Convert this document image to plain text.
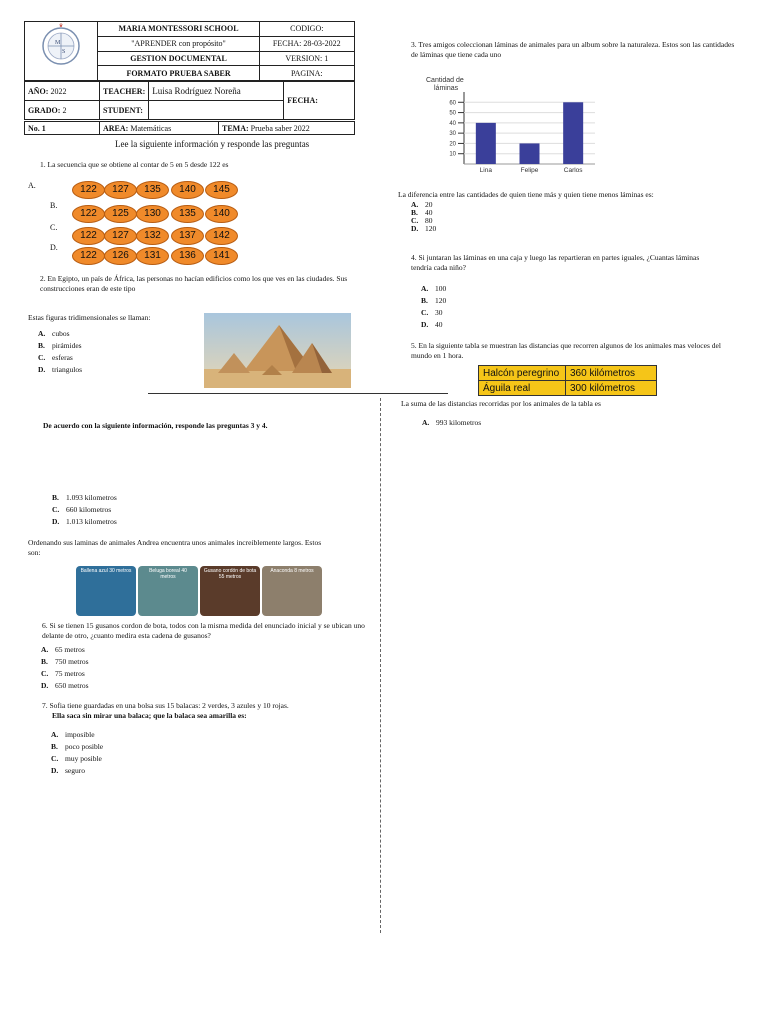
M
S
♛	MARIA MONTESSORI SCHOOL	CODIGO:
	"APRENDER con propósito"	FECHA: 28-03-2022
	GESTION DOCUMENTAL	VERSION: 1
	FORMATO PRUEBA SABER	PAGINA:
AÑO: 2022	TEACHER:	Luisa Rodríguez Noreña	FECHA:
GRADO: 2	STUDENT:		
No. 1	AREA: Matemáticas	TEMA: Prueba saber 2022
Lee la siguiente información y responde las preguntas
1. La secuencia que se obtiene al contar de 5 en 5 desde 122 es
A.	122	127	135	140	145
B.
122	125	130	135	140
C.
122	127	132	137	142
D.
122	126	131	136	141
2. En Egipto, un país de África, las personas no hacían edificios como los que ves en las ciudades. Sus construcciones eran de este tipo
Estas figuras tridimensionales se llaman:
A. cubos
B. pirámides
C. esferas
D. triangulos
De acuerdo con la siguiente información, responde las preguntas 3 y 4.
B. 1.093 kilometros
C. 660 kilometros
D. 1.013 kilometros
Ordenando sus laminas de animales Andrea encuentra unos animales increiblemente largos. Estos son:
Ballena azul 30 metros	Beluga boreal 40 metros
Gusano cordón de bota 55 metros
Anaconda 8 metros
6. Si se tienen 15 gusanos cordon de bota, todos con la misma medida del enunciado inicial y se ubican uno delante de otro, ¿cuanto medira esta cadena de gusanos?
A. 65 metros
B. 750 metros
C. 75 metros
D. 650 metros
7. Sofia tiene guardadas en una bolsa sus 15 balacas: 2 verdes, 3 azules y 10 rojas.
Ella saca sin mirar una balaca; que la balaca sea amarilla es:
A. imposible
B. poco posible
C. muy posible
D. seguro
3. Tres amigos coleccionan láminas de animales para un album sobre la naturaleza. Estos son las cantidades de láminas que tiene cada uno
Cantidad de
láminas
10
20
30
40
50
60
Lina	Felipe	Carlos
La diferencia entre las cantidades de quien tiene más y quien tiene menos láminas es:
A. 20
B. 40
C. 80
D. 120
4. Si juntaran las láminas en una caja y luego las repartieran en partes iguales, ¿Cuantas láminas tendría cada niño?
A. 100
B. 120
C. 30
D. 40
5. En la siguiente tabla se muestran las distancias que recorren algunos de los animales mas veloces del mundo en 1 hora.
Halcón peregrino	360 kilómetros
Águila real	300 kilómetros
La suma de las distancias recorridas por los animales de la tabla es
A. 993 kilometros
